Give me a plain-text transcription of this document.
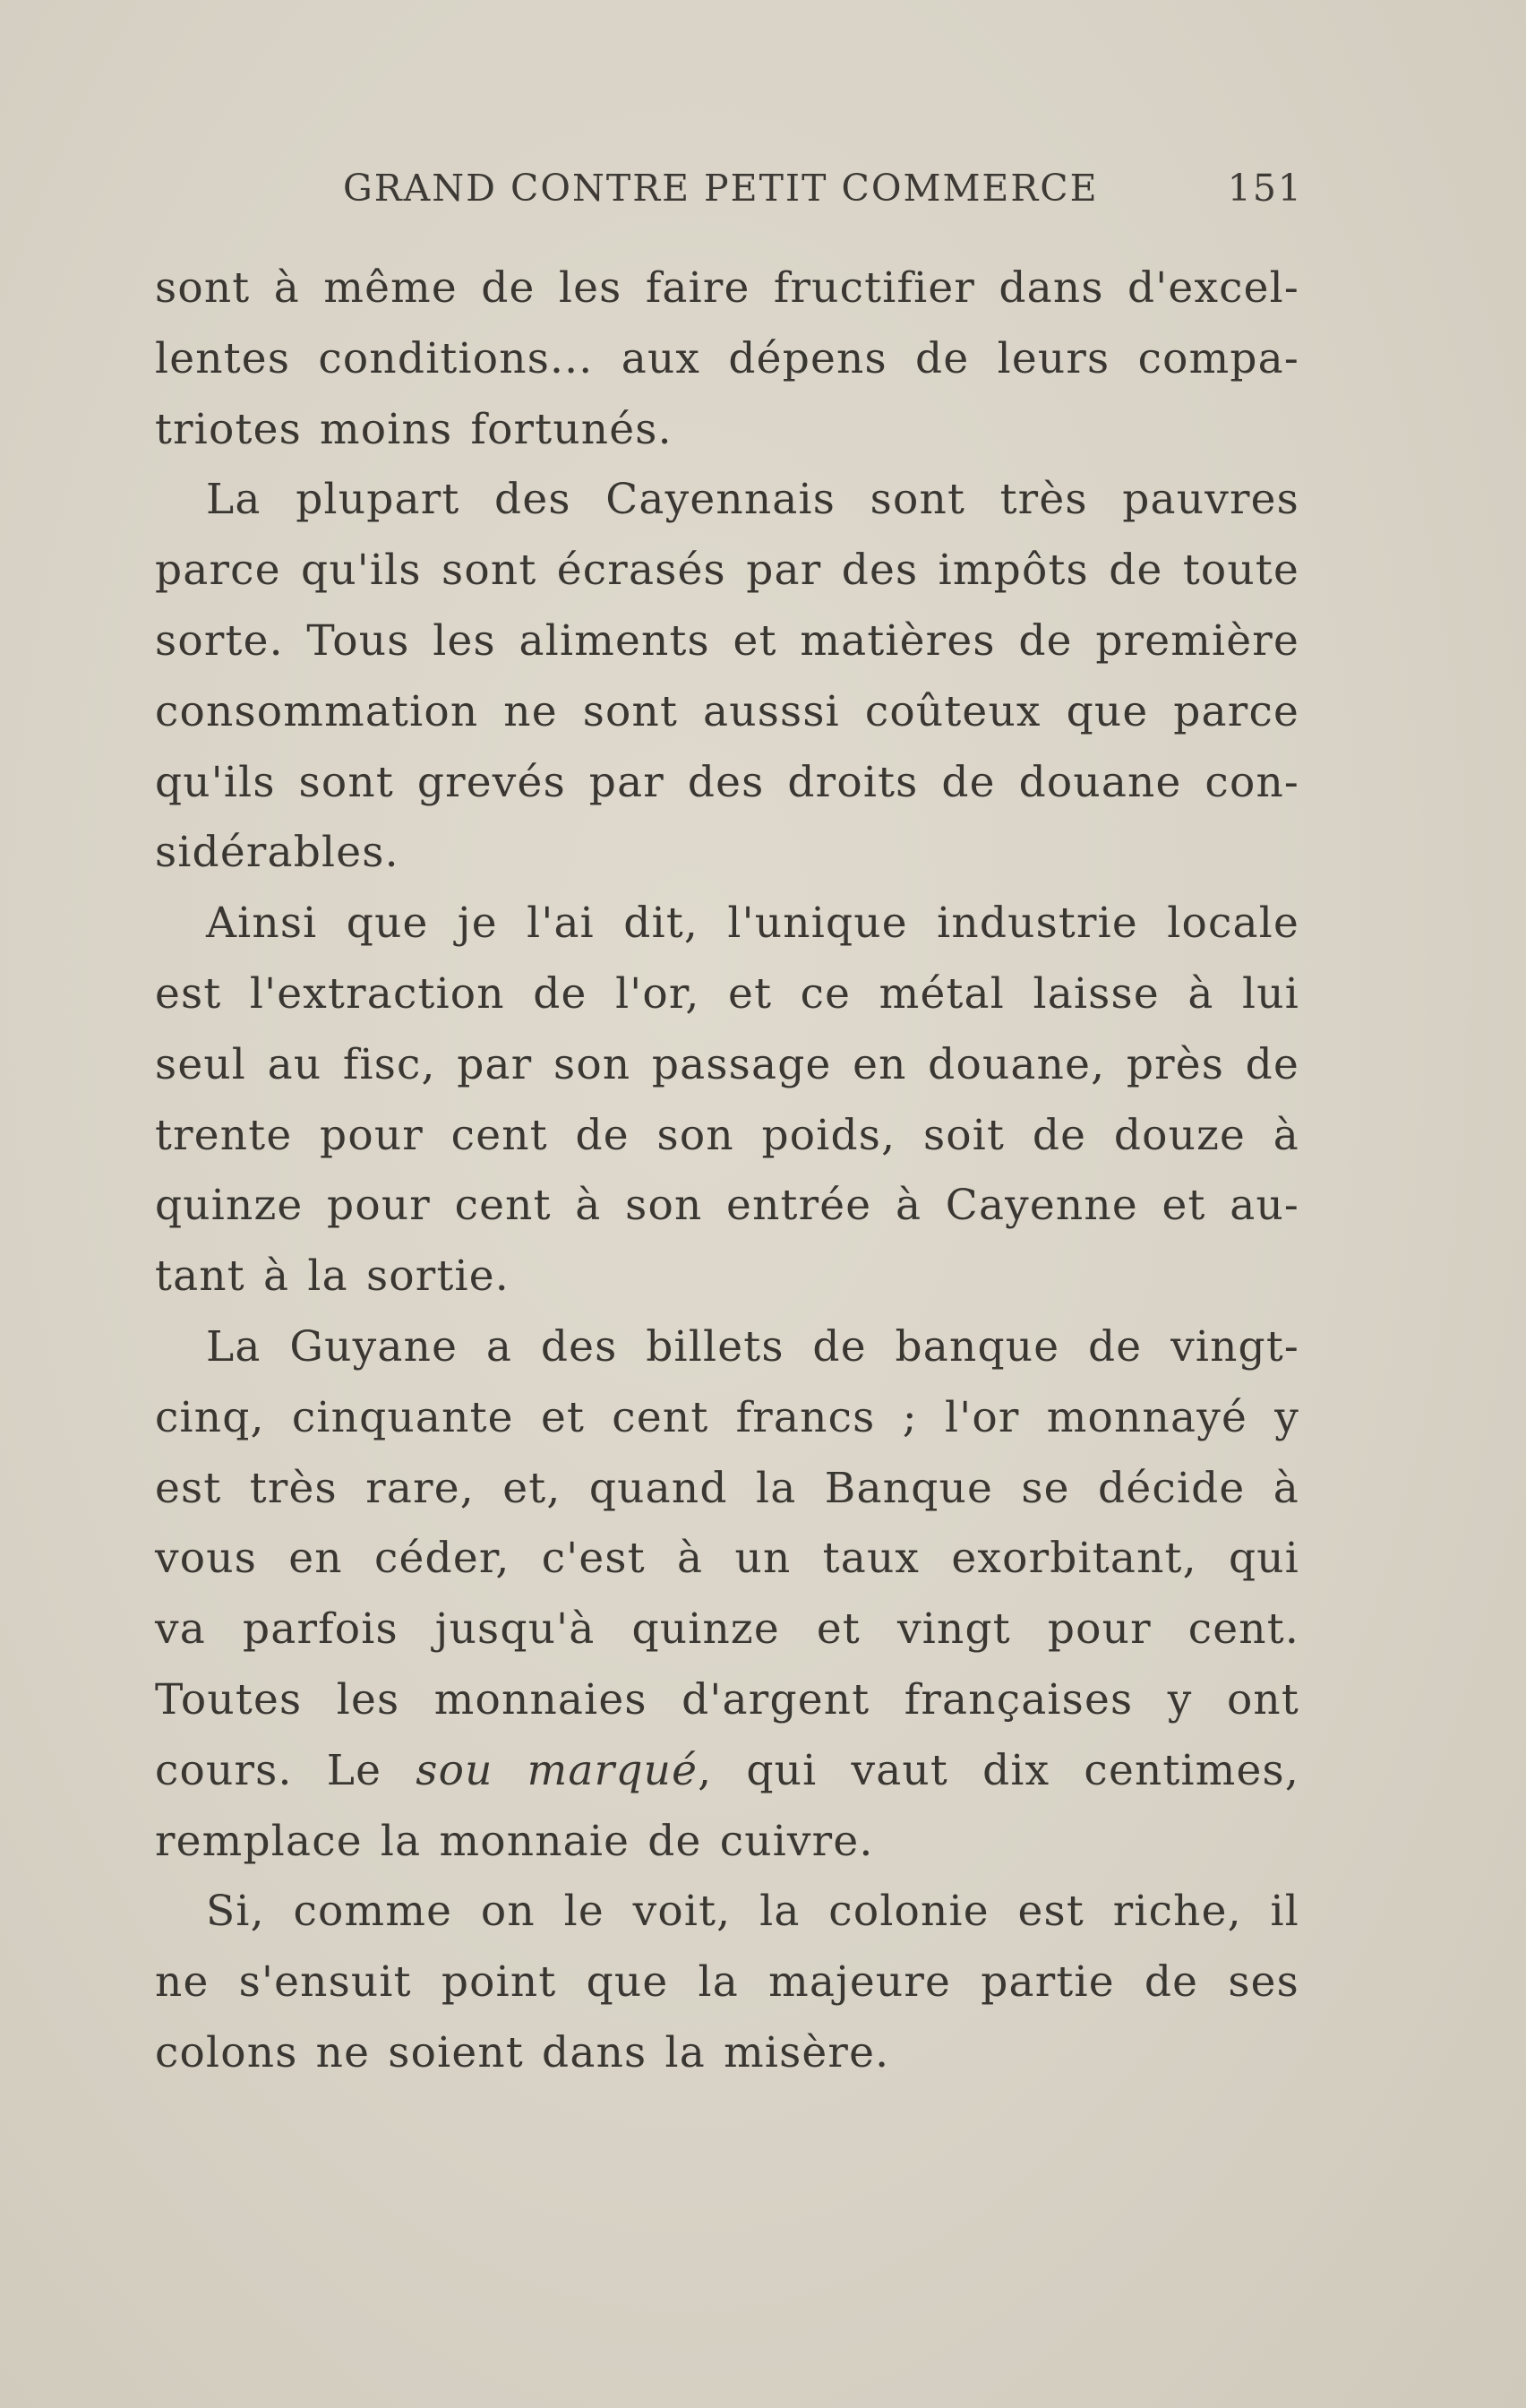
GRAND CONTRE PETIT COMMERCE	151
sont à même de les faire fructifier dans d'excel-
lentes conditions... aux dépens de leurs compa-
triotes moins fortunés.
La plupart des Cayennais sont très pauvres
parce qu'ils sont écrasés par des impôts de toute
sorte. Tous les aliments et matières de première
consommation ne sont ausssi coûteux que parce
qu'ils sont grevés par des droits de douane con-
sidérables.
Ainsi que je l'ai dit, l'unique industrie locale
est l'extraction de l'or, et ce métal laisse à lui
seul au fisc, par son passage en douane, près de
trente pour cent de son poids, soit de douze à
quinze pour cent à son entrée à Cayenne et au-
tant à la sortie.
La Guyane a des billets de banque de vingt-
cinq, cinquante et cent francs ; l'or monnayé y
est très rare, et, quand la Banque se décide à
vous en céder, c'est à un taux exorbitant, qui
va parfois jusqu'à quinze et vingt pour cent.
Toutes les monnaies d'argent françaises y ont
cours. Le sou marqué, qui vaut dix centimes,
remplace la monnaie de cuivre.
Si, comme on le voit, la colonie est riche, il
ne s'ensuit point que la majeure partie de ses
colons ne soient dans la misère.
